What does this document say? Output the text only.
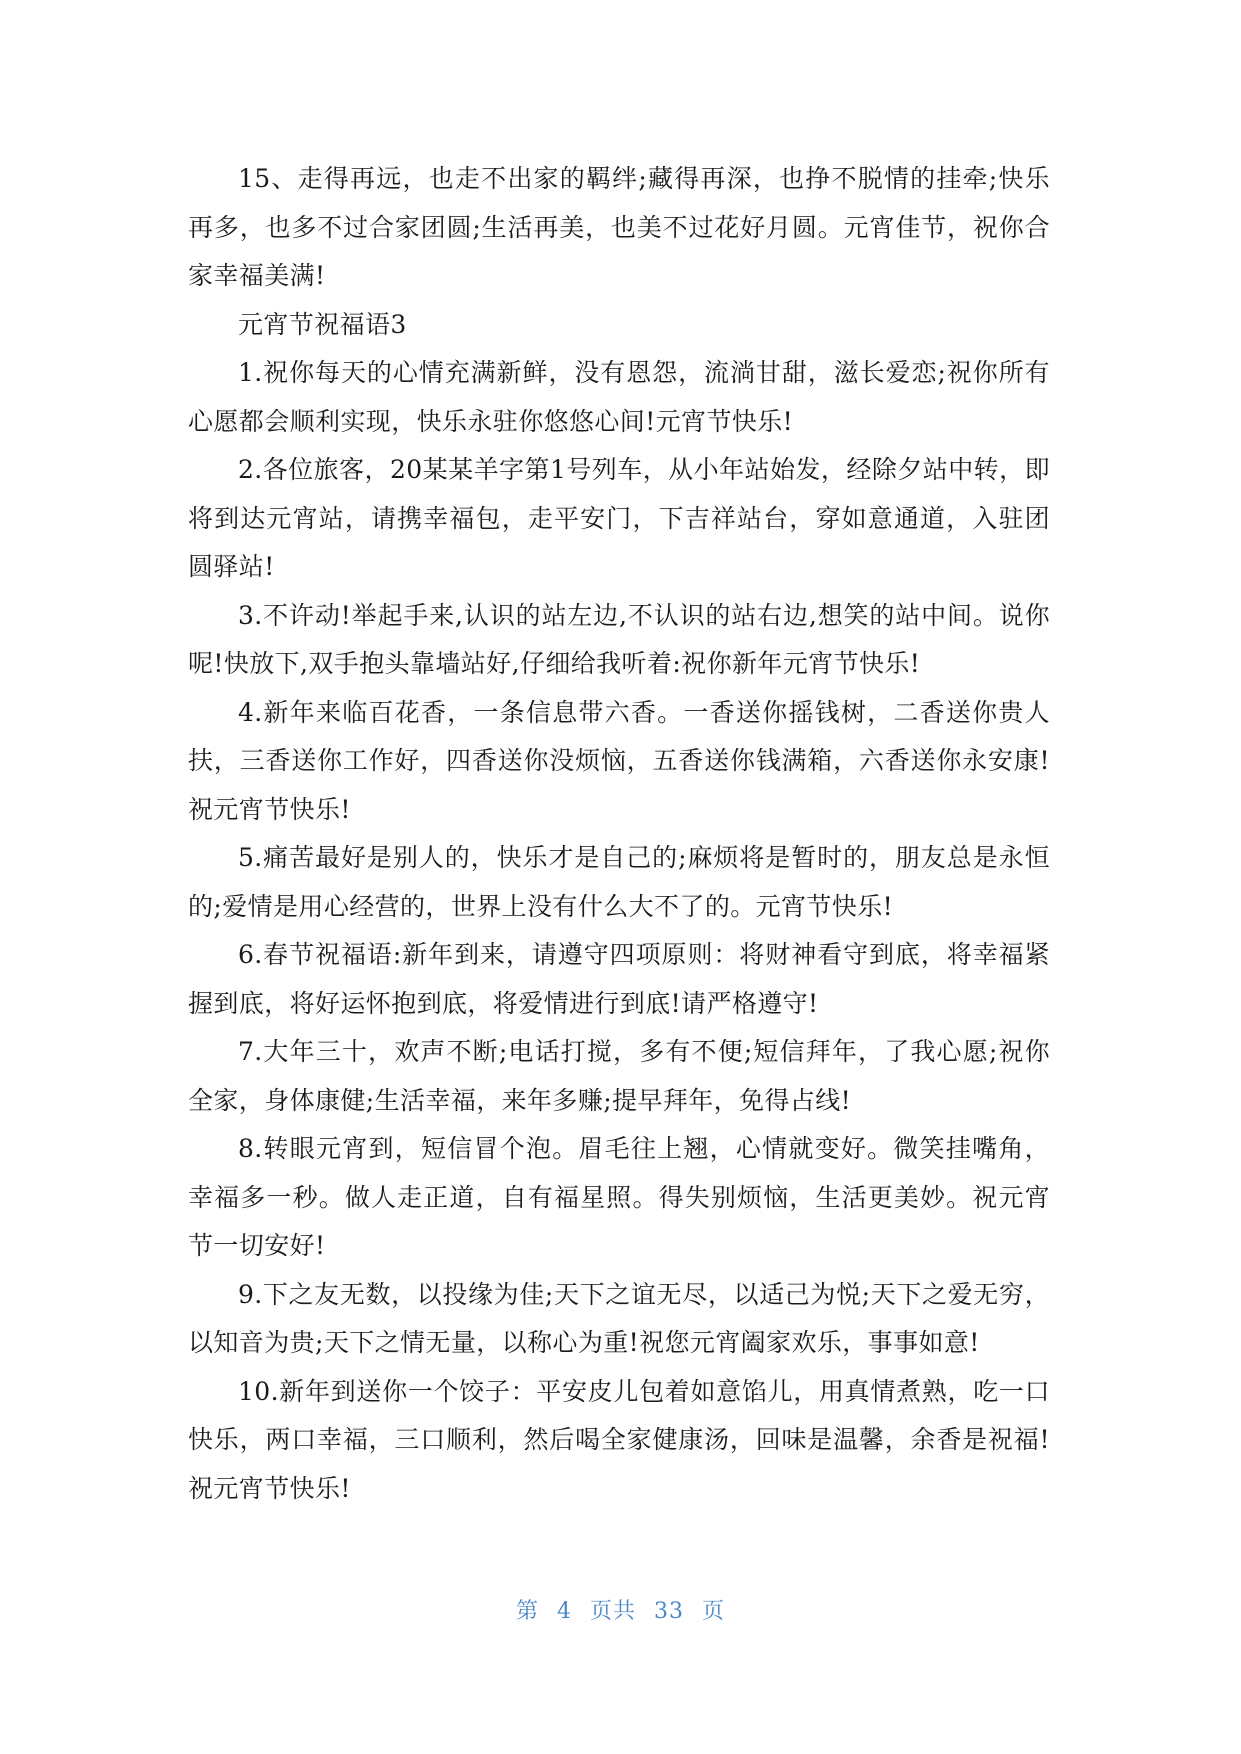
15、走得再远，也走不出家的羁绊;藏得再深，也挣不脱情的挂牵;快乐再多，也多不过合家团圆;生活再美，也美不过花好月圆。元宵佳节，祝你合家幸福美满!

元宵节祝福语3

1.祝你每天的心情充满新鲜，没有恩怨，流淌甘甜，滋长爱恋;祝你所有心愿都会顺利实现，快乐永驻你悠悠心间!元宵节快乐!

2.各位旅客，20某某羊字第1号列车，从小年站始发，经除夕站中转，即将到达元宵站，请携幸福包，走平安门，下吉祥站台，穿如意通道，入驻团圆驿站!

3.不许动!举起手来,认识的站左边,不认识的站右边,想笑的站中间。说你呢!快放下,双手抱头靠墙站好,仔细给我听着:祝你新年元宵节快乐!

4.新年来临百花香，一条信息带六香。一香送你摇钱树，二香送你贵人扶，三香送你工作好，四香送你没烦恼，五香送你钱满箱，六香送你永安康!祝元宵节快乐!

5.痛苦最好是别人的，快乐才是自己的;麻烦将是暂时的，朋友总是永恒的;爱情是用心经营的，世界上没有什么大不了的。元宵节快乐!

6.春节祝福语:新年到来，请遵守四项原则：将财神看守到底，将幸福紧握到底，将好运怀抱到底，将爱情进行到底!请严格遵守!

7.大年三十，欢声不断;电话打搅，多有不便;短信拜年，了我心愿;祝你全家，身体康健;生活幸福，来年多赚;提早拜年，免得占线!

8.转眼元宵到，短信冒个泡。眉毛往上翘，心情就变好。微笑挂嘴角，幸福多一秒。做人走正道，自有福星照。得失别烦恼，生活更美妙。祝元宵节一切安好!

9.下之友无数，以投缘为佳;天下之谊无尽，以适己为悦;天下之爱无穷，以知音为贵;天下之情无量，以称心为重!祝您元宵阖家欢乐，事事如意!

10.新年到送你一个饺子：平安皮儿包着如意馅儿，用真情煮熟，吃一口快乐，两口幸福，三口顺利，然后喝全家健康汤，回味是温馨，余香是祝福!祝元宵节快乐!

第 4 页共 33 页
